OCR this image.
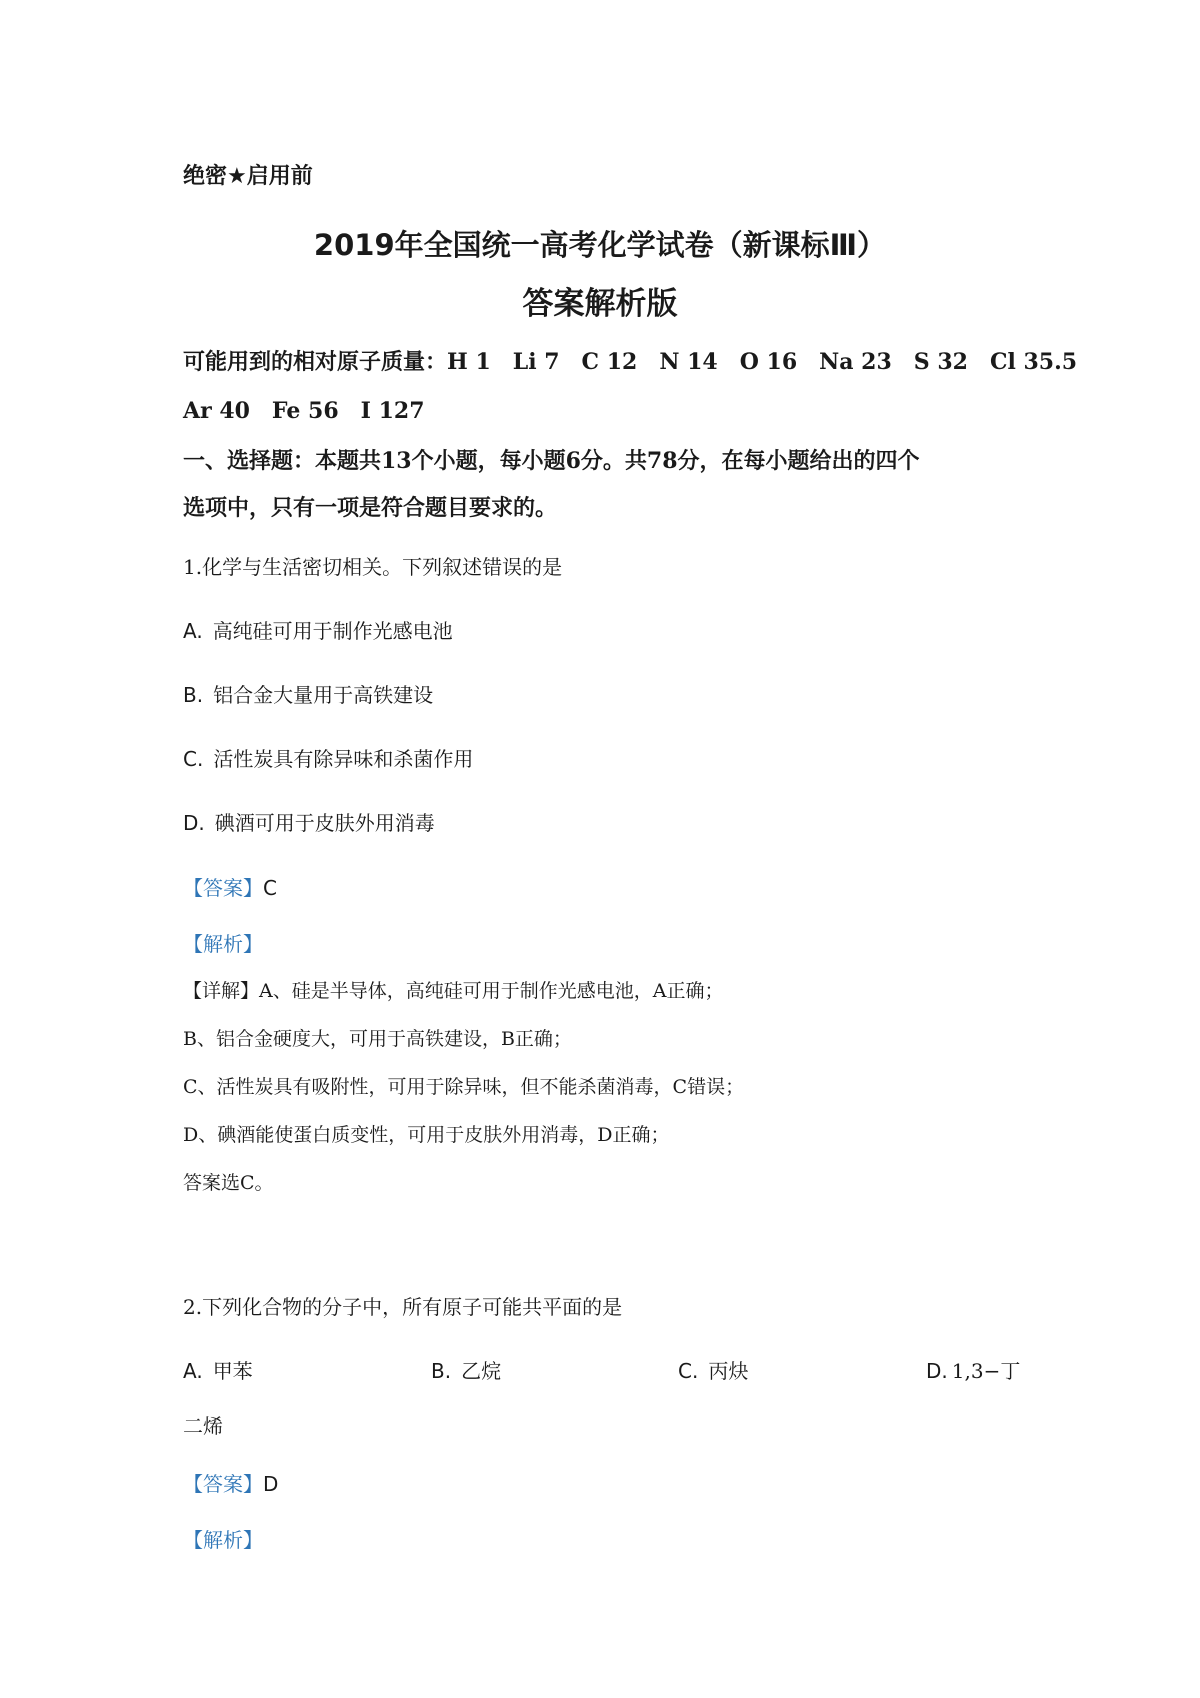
绝密★启用前
2019年全国统一高考化学试卷（新课标Ⅲ）
答案解析版
可能用到的相对原子质量：H 1　Li 7　C 12　N 14　O 16　Na 23　S 32　Cl 35.5
Ar 40　Fe 56　I 127
一、选择题：本题共13个小题，每小题6分。共78分，在每小题给出的四个
选项中，只有一项是符合题目要求的。
1.化学与生活密切相关。下列叙述错误的是
A. 高纯硅可用于制作光感电池
B. 铝合金大量用于高铁建设
C. 活性炭具有除异味和杀菌作用
D. 碘酒可用于皮肤外用消毒
【答案】C
【解析】
【详解】A、硅是半导体，高纯硅可用于制作光感电池，A正确；
B、铝合金硬度大，可用于高铁建设，B正确；
C、活性炭具有吸附性，可用于除异味，但不能杀菌消毒，C错误；
D、碘酒能使蛋白质变性，可用于皮肤外用消毒，D正确；
答案选C。
2.下列化合物的分子中，所有原子可能共平面的是
A. 甲苯	B. 乙烷	C. 丙炔	D. 1,3−丁
二烯
【答案】D
【解析】
